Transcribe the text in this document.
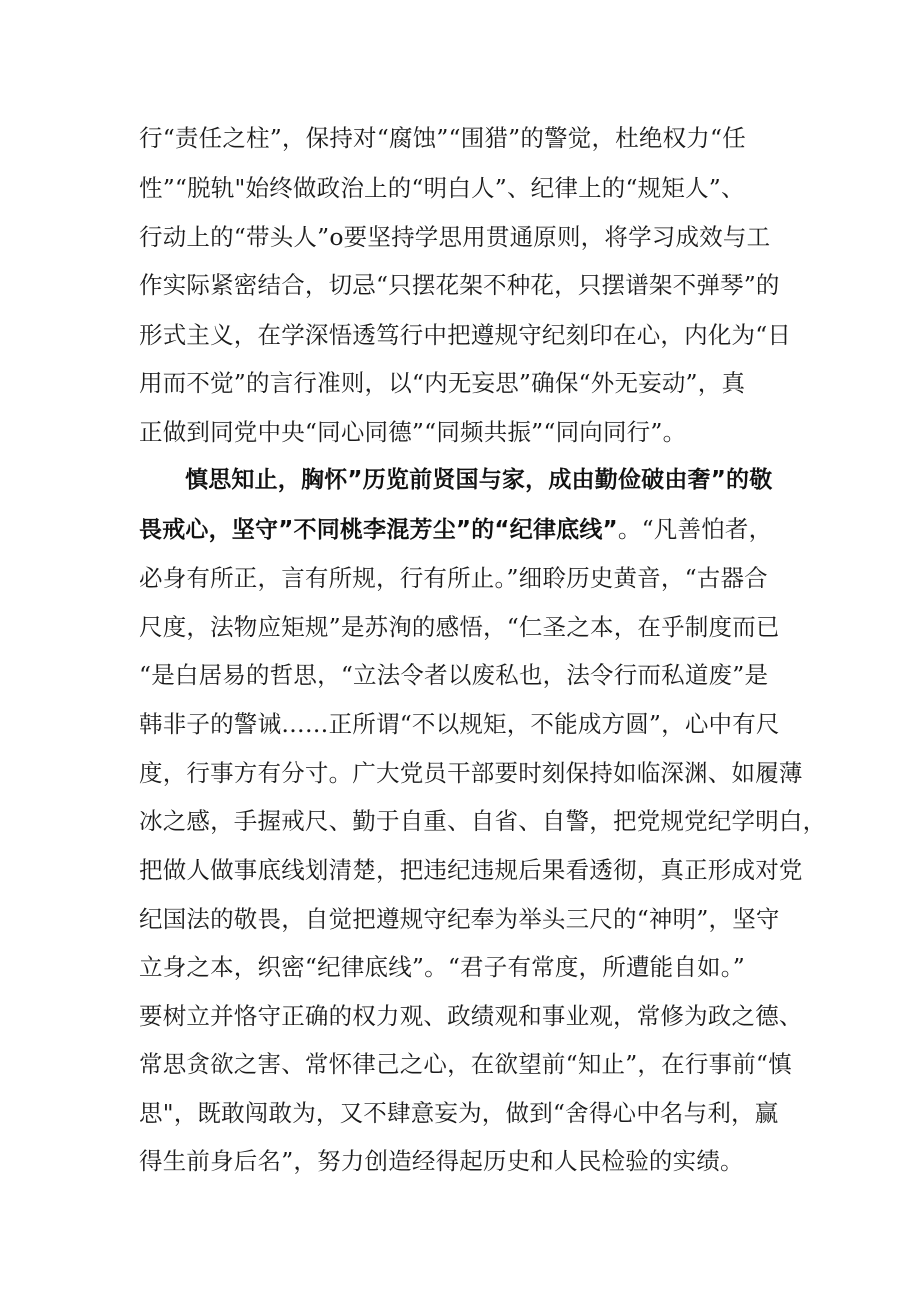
行“责任之柱”，保持对“腐蚀”“围猎”的警觉，杜绝权力“任
性”“脱轨"始终做政治上的“明白人”、纪律上的“规矩人”、
行动上的“带头人”o要坚持学思用贯通原则，将学习成效与工
作实际紧密结合，切忌“只摆花架不种花，只摆谱架不弹琴”的
形式主义，在学深悟透笃行中把遵规守纪刻印在心，内化为“日
用而不觉”的言行准则，以“内无妄思”确保“外无妄动”，真
正做到同党中央“同心同德”“同频共振”“同向同行”。
慎思知止，胸怀”历览前贤国与家，成由勤俭破由奢”的敬
畏戒心，坚守”不同桃李混芳尘”的“纪律底线”。“凡善怕者，
必身有所正，言有所规，行有所止。”细聆历史黄音，“古器合
尺度，法物应矩规”是苏洵的感悟，“仁圣之本，在乎制度而已
“是白居易的哲思，“立法令者以废私也，法令行而私道废”是
韩非子的警诫……正所谓“不以规矩，不能成方圆”，心中有尺
度，行事方有分寸。广大党员干部要时刻保持如临深渊、如履薄
冰之感，手握戒尺、勤于自重、自省、自警，把党规党纪学明白，
把做人做事底线划清楚，把违纪违规后果看透彻，真正形成对党
纪国法的敬畏，自觉把遵规守纪奉为举头三尺的“神明”，坚守
立身之本，织密“纪律底线”。“君子有常度，所遭能自如。”
要树立并恪守正确的权力观、政绩观和事业观，常修为政之德、
常思贪欲之害、常怀律己之心，在欲望前“知止”，在行事前“慎
思"，既敢闯敢为，又不肆意妄为，做到“舍得心中名与利，赢
得生前身后名”，努力创造经得起历史和人民检验的实绩。
